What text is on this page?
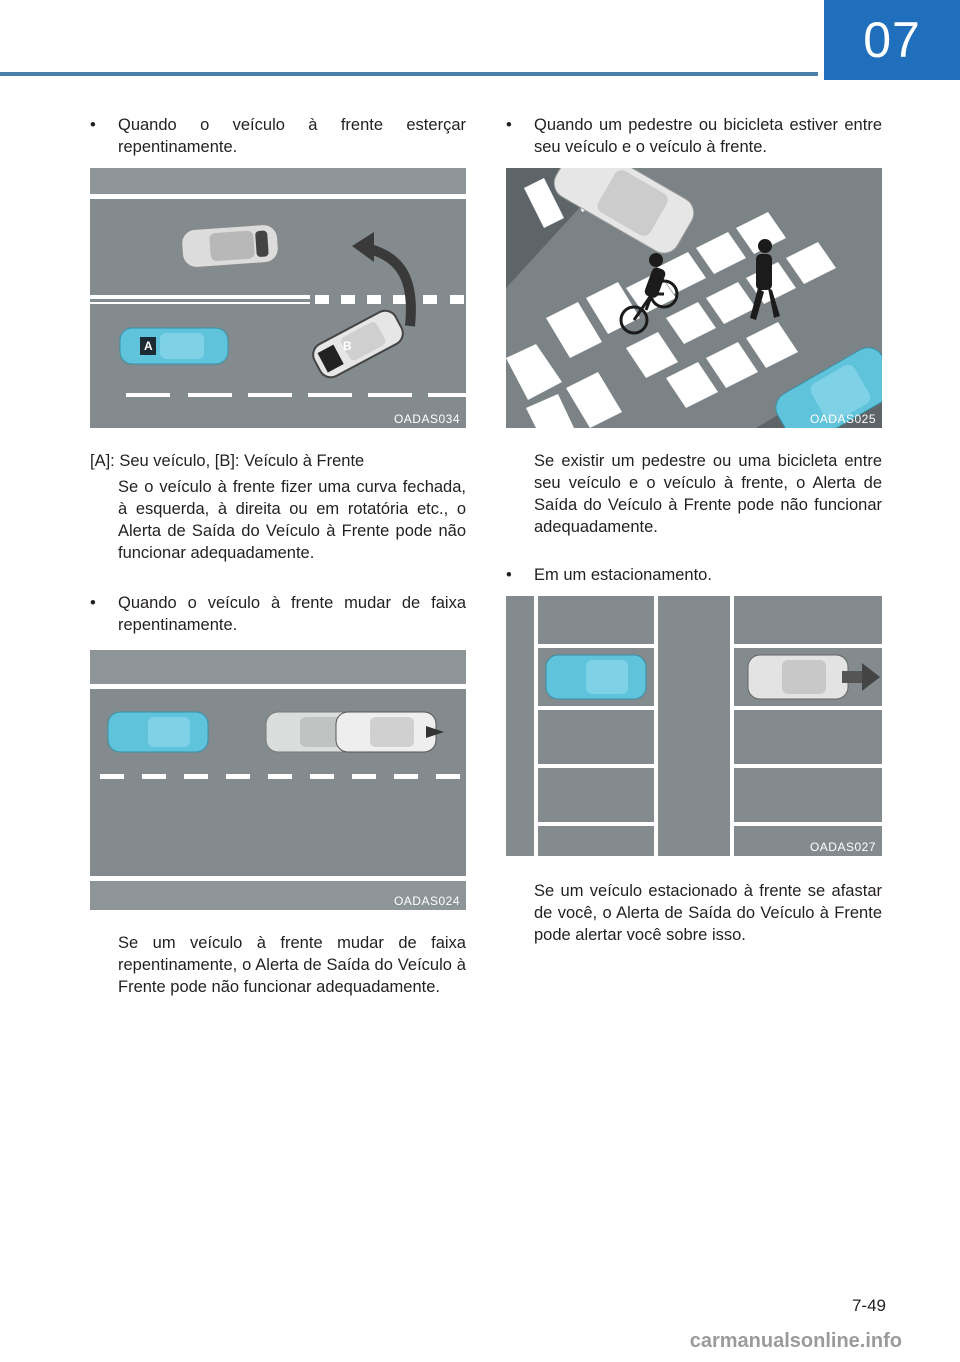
07
•	Quando o veículo à frente esterçar repentinamente.
A	B
OADAS034
[A]: Seu veículo, [B]: Veículo à Frente
Se o veículo à frente fizer uma curva fechada, à esquerda, à direita ou em rotatória etc., o Alerta de Saída do Veículo à Frente pode não funcionar adequadamente.
•	Quando o veículo à frente mudar de faixa repentinamente.
OADAS024
Se um veículo à frente mudar de faixa repentinamente, o Alerta de Saída do Veículo à Frente pode não funcionar adequadamente.
•	Quando um pedestre ou bicicleta estiver entre seu veículo e o veículo à frente.
OADAS025
Se existir um pedestre ou uma bicicleta entre seu veículo e o veículo à frente, o Alerta de Saída do Veículo à Frente pode não funcionar adequadamente.
•	Em um estacionamento.
OADAS027
Se um veículo estacionado à frente se afastar de você, o Alerta de Saída do Veículo à Frente pode alertar você sobre isso.
7-49
carmanualsonline.info
